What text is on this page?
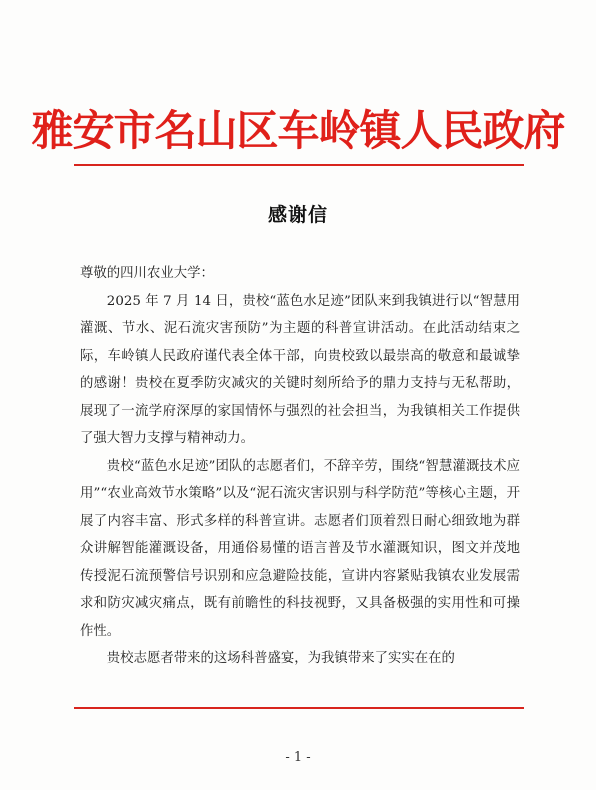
雅安市名山区车岭镇人民政府
感谢信

尊敬的四川农业大学：

2025 年 7 月 14 日，贵校“蓝色水足迹”团队来到我镇进行以“智慧用灌溉、节水、泥石流灾害预防”为主题的科普宣讲活动。在此活动结束之际，车岭镇人民政府谨代表全体干部，向贵校致以最崇高的敬意和最诚挚的感谢！贵校在夏季防灾减灾的关键时刻所给予的鼎力支持与无私帮助，展现了一流学府深厚的家国情怀与强烈的社会担当，为我镇相关工作提供了强大智力支撑与精神动力。

贵校“蓝色水足迹”团队的志愿者们，不辞辛劳，围绕“智慧灌溉技术应用”“农业高效节水策略”以及“泥石流灾害识别与科学防范”等核心主题，开展了内容丰富、形式多样的科普宣讲。志愿者们顶着烈日耐心细致地为群众讲解智能灌溉设备，用通俗易懂的语言普及节水灌溉知识，图文并茂地传授泥石流预警信号识别和应急避险技能，宣讲内容紧贴我镇农业发展需求和防灾减灾痛点，既有前瞻性的科技视野，又具备极强的实用性和可操作性。

贵校志愿者带来的这场科普盛宴，为我镇带来了实实在在的

- 1 -
